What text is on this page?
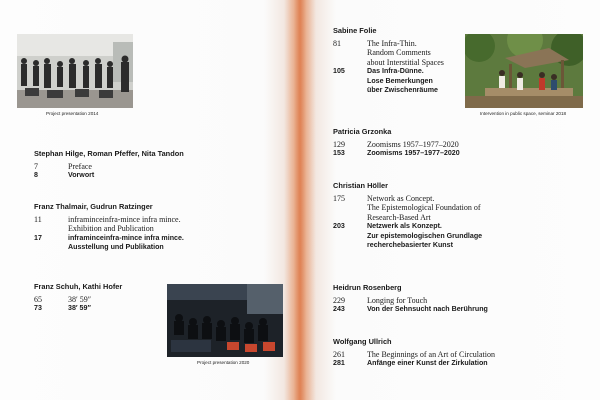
Project presentation 2014
Project presentation 2020
Intervention in public space, seminar 2018
Stephan Hilge, Roman Pfeffer, Nita Tandon
7	Preface
8	Vorwort
Franz Thalmair, Gudrun Ratzinger
11	inframinceinfra-mince infra mince.
Exhibition and Publication
17	inframinceinfra-mince infra mince.
Ausstellung und Publikation
Franz Schuh, Kathi Hofer
65	38′ 59″
73	38′ 59″
Sabine Folie
81	The Infra-Thin.
Random Comments
about Interstitial Spaces
105	Das Infra-Dünne.
Lose Bemerkungen
über Zwischenräume
Patricia Grzonka
129	Zoomisms 1957–1977–2020
153	Zoomisms 1957–1977–2020
Christian Höller
175	Network as Concept.
The Epistemological Foundation of
Research-Based Art
203	Netzwerk als Konzept.
Zur epistemologischen Grundlage
recherchebasierter Kunst
Heidrun Rosenberg
229	Longing for Touch
243	Von der Sehnsucht nach Berührung
Wolfgang Ullrich
261	The Beginnings of an Art of Circulation
281	Anfänge einer Kunst der Zirkulation
